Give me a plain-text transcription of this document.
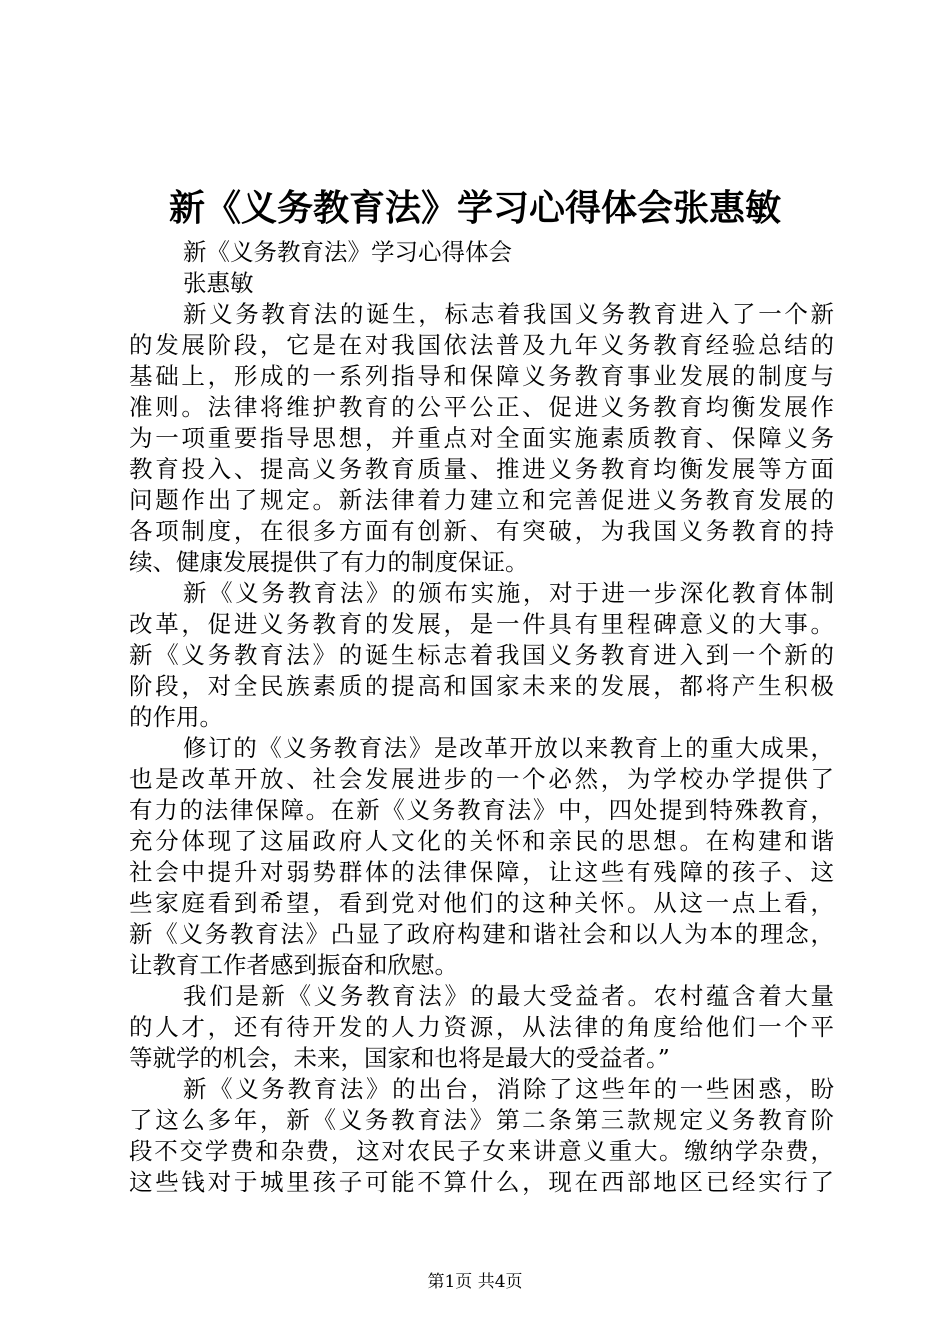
新《义务教育法》学习心得体会张惠敏
新《义务教育法》学习心得体会
张惠敏
新义务教育法的诞生，标志着我国义务教育进入了一个新
的发展阶段，它是在对我国依法普及九年义务教育经验总结的
基础上，形成的一系列指导和保障义务教育事业发展的制度与
准则。法律将维护教育的公平公正、促进义务教育均衡发展作
为一项重要指导思想，并重点对全面实施素质教育、保障义务
教育投入、提高义务教育质量、推进义务教育均衡发展等方面
问题作出了规定。新法律着力建立和完善促进义务教育发展的
各项制度，在很多方面有创新、有突破，为我国义务教育的持
续、健康发展提供了有力的制度保证。
新《义务教育法》的颁布实施，对于进一步深化教育体制
改革，促进义务教育的发展，是一件具有里程碑意义的大事。
新《义务教育法》的诞生标志着我国义务教育进入到一个新的
阶段，对全民族素质的提高和国家未来的发展，都将产生积极
的作用。
修订的《义务教育法》是改革开放以来教育上的重大成果，
也是改革开放、社会发展进步的一个必然，为学校办学提供了
有力的法律保障。在新《义务教育法》中，四处提到特殊教育，
充分体现了这届政府人文化的关怀和亲民的思想。在构建和谐
社会中提升对弱势群体的法律保障，让这些有残障的孩子、这
些家庭看到希望，看到党对他们的这种关怀。从这一点上看，
新《义务教育法》凸显了政府构建和谐社会和以人为本的理念，
让教育工作者感到振奋和欣慰。
我们是新《义务教育法》的最大受益者。农村蕴含着大量
的人才，还有待开发的人力资源，从法律的角度给他们一个平
等就学的机会，未来，国家和也将是最大的受益者。”
新《义务教育法》的出台，消除了这些年的一些困惑，盼
了这么多年，新《义务教育法》第二条第三款规定义务教育阶
段不交学费和杂费，这对农民子女来讲意义重大。缴纳学杂费，
这些钱对于城里孩子可能不算什么，现在西部地区已经实行了
第1页 共4页
